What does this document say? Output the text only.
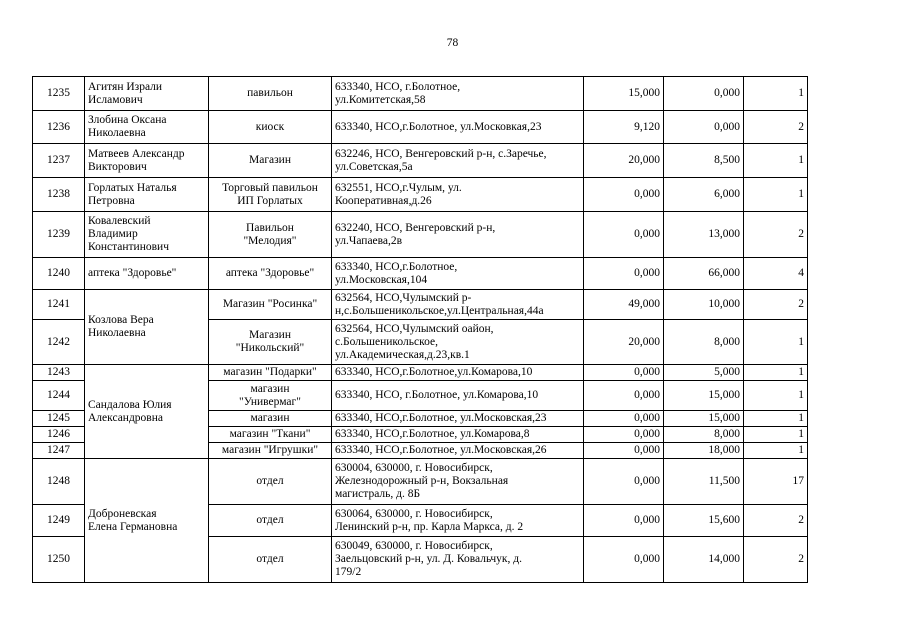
78
1235	Агитян Израли
Исламович	павильон	633340, НСО, г.Болотное,
ул.Комитетская,58	15,000	0,000	1
1236	Злобина Оксана
Николаевна	киоск	633340, НСО,г.Болотное, ул.Московкая,23	9,120	0,000	2
1237	Матвеев Александр
Викторович	Магазин	632246, НСО, Венгеровский р-н, с.Заречье,
ул.Советская,5а	20,000	8,500	1
1238	Горлатых Наталья
Петровна	Торговый павильон
ИП Горлатых	632551, НСО,г.Чулым, ул.
Кооперативная,д.26	0,000	6,000	1
1239	Ковалевский
Владимир
Константинович	Павильон
"Мелодия"	632240, НСО, Венгеровский р-н,
ул.Чапаева,2в	0,000	13,000	2
1240	аптека "Здоровье"	аптека "Здоровье"	633340, НСО,г.Болотное,
ул.Московская,104	0,000	66,000	4
1241	Козлова Вера
Николаевна	Магазин "Росинка"	632564, НСО,Чулымский р-
н,с.Большеникольское,ул.Центральная,44а	49,000	10,000	2
1242		Магазин
"Никольский"	632564, НСО,Чулымский оайон,
с.Большеникольское,
ул.Академическая,д.23,кв.1	20,000	8,000	1
1243	Сандалова Юлия
Александровна	магазин "Подарки"	633340, НСО,г.Болотное,ул.Комарова,10	0,000	5,000	1
1244		магазин
"Универмаг"	633340, НСО, г.Болотное, ул.Комарова,10	0,000	15,000	1
1245		магазин	633340, НСО,г.Болотное, ул.Московская,23	0,000	15,000	1
1246		магазин "Ткани"	633340, НСО,г.Болотное, ул.Комарова,8	0,000	8,000	1
1247		магазин "Игрушки"	633340, НСО,г.Болотное, ул.Московская,26	0,000	18,000	1
1248	Доброневская
Елена Германовна	отдел	630004, 630000, г. Новосибирск,
Железнодорожный р-н, Вокзальная
магистраль, д. 8Б	0,000	11,500	17
1249		отдел	630064, 630000, г. Новосибирск,
Ленинский р-н, пр. Карла Маркса, д. 2	0,000	15,600	2
1250		отдел	630049, 630000, г. Новосибирск,
Заельцовский р-н, ул. Д. Ковальчук, д.
179/2	0,000	14,000	2
